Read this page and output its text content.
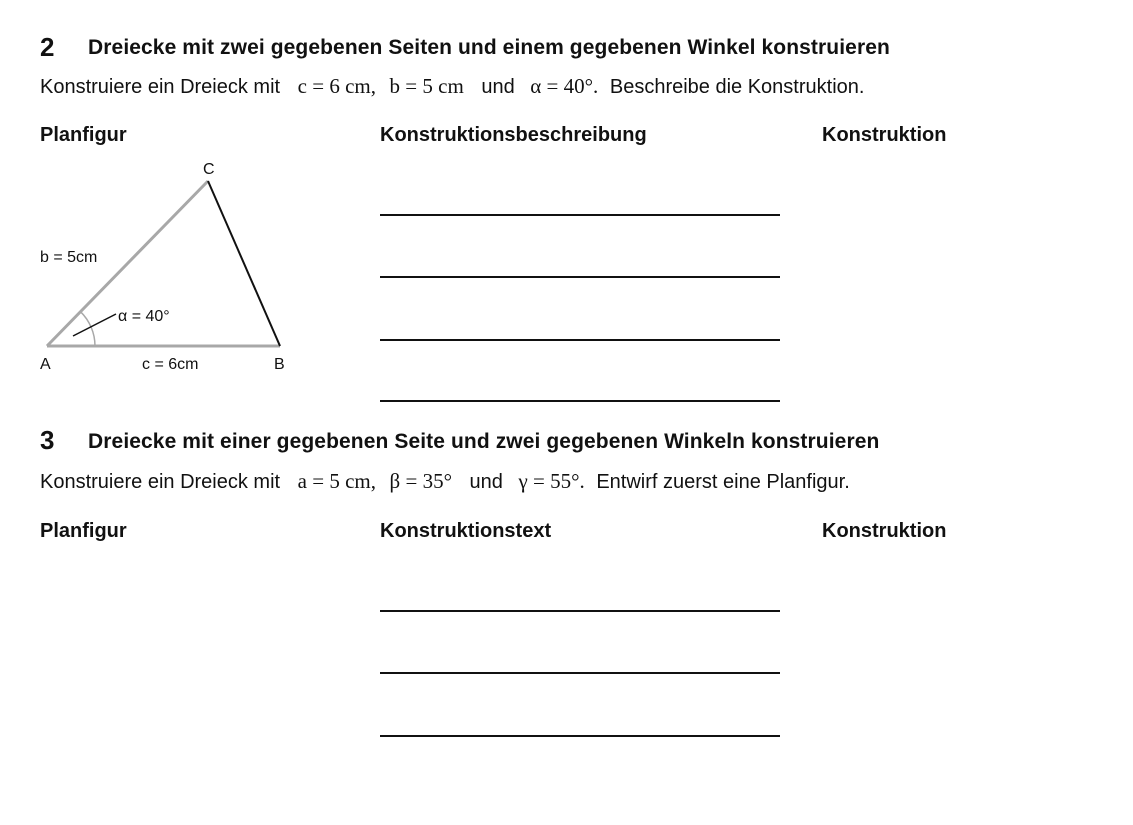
2 Dreiecke mit zwei gegebenen Seiten und einem gegebenen Winkel konstruieren
Konstruiere ein Dreieck mit c = 6 cm, b = 5 cm und α = 40°. Beschreibe die Konstruktion.
Planfigur	Konstruktionsbeschreibung	Konstruktion
C
A	B
b = 5cm
c = 6cm
α = 40°
3 Dreiecke mit einer gegebenen Seite und zwei gegebenen Winkeln konstruieren
Konstruiere ein Dreieck mit a = 5 cm, β = 35° und γ = 55°. Entwirf zuerst eine Planfigur.
Planfigur	Konstruktionstext	Konstruktion
